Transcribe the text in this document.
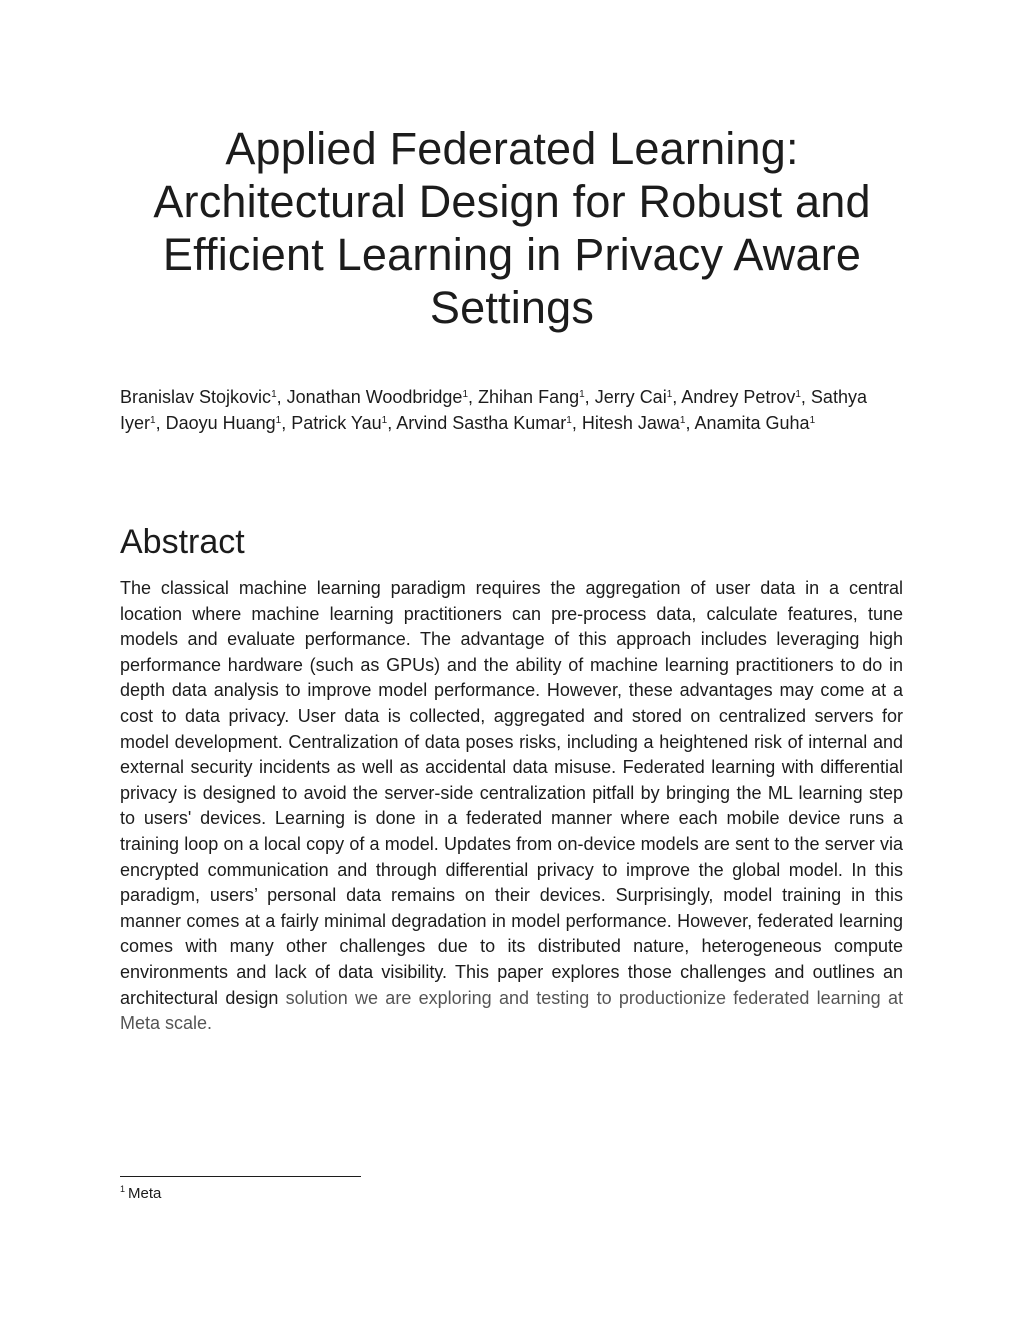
Applied Federated Learning: Architectural Design for Robust and Efficient Learning in Privacy Aware Settings

Branislav Stojkovic$^1$, Jonathan Woodbridge$^1$, Zhihan Fang$^1$, Jerry Cai$^1$, Andrey Petrov$^1$, Sathya Iyer$^1$, Daoyu Huang$^1$, Patrick Yau$^1$, Arvind Sastha Kumar$^1$, Hitesh Jawa$^1$, Anamita Guha$^1$

Abstract

The classical machine learning paradigm requires the aggregation of user data in a central location where machine learning practitioners can pre-process data, calculate features, tune models and evaluate performance. The advantage of this approach includes leveraging high performance hardware (such as GPUs) and the ability of machine learning practitioners to do in depth data analysis to improve model performance. However, these advantages may come at a cost to data privacy. User data is collected, aggregated and stored on centralized servers for model development. Centralization of data poses risks, including a heightened risk of internal and external security incidents as well as accidental data misuse. Federated learning with differential privacy is designed to avoid the server-side centralization pitfall by bringing the ML learning step to users' devices. Learning is done in a federated manner where each mobile device runs a training loop on a local copy of a model. Updates from on-device models are sent to the server via encrypted communication and through differential privacy to improve the global model. In this paradigm, users’ personal data remains on their devices. Surprisingly, model training in this manner comes at a fairly minimal degradation in model performance. However, federated learning comes with many other challenges due to its distributed nature, heterogeneous compute environments and lack of data visibility. This paper explores those challenges and outlines an architectural design solution we are exploring and testing to productionize federated learning at Meta scale.

$^1$ Meta
